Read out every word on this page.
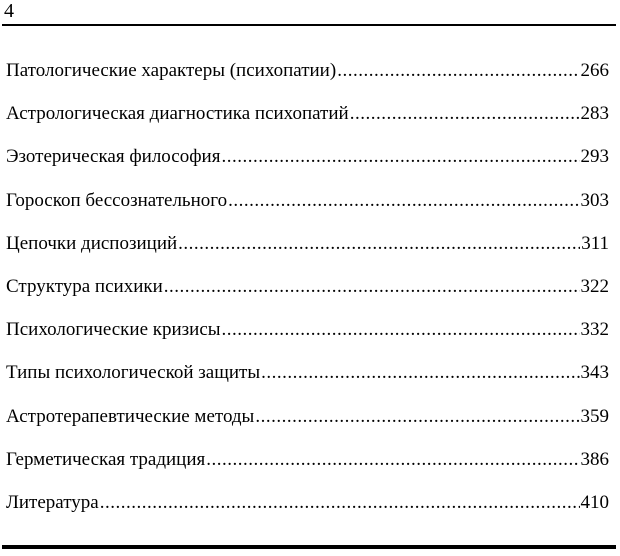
4
Патологические характеры (психопатии) .....	266
Астрологическая диагностика психопатий .....	283
Эзотерическая философия .....	293
Гороскоп бессознательного .....	303
Цепочки диспозиций .....	311
Структура психики .....	322
Психологические кризисы .....	332
Типы психологической защиты .....	343
Астротерапевтические методы .....	359
Герметическая традиция .....	386
Литература .....	410
